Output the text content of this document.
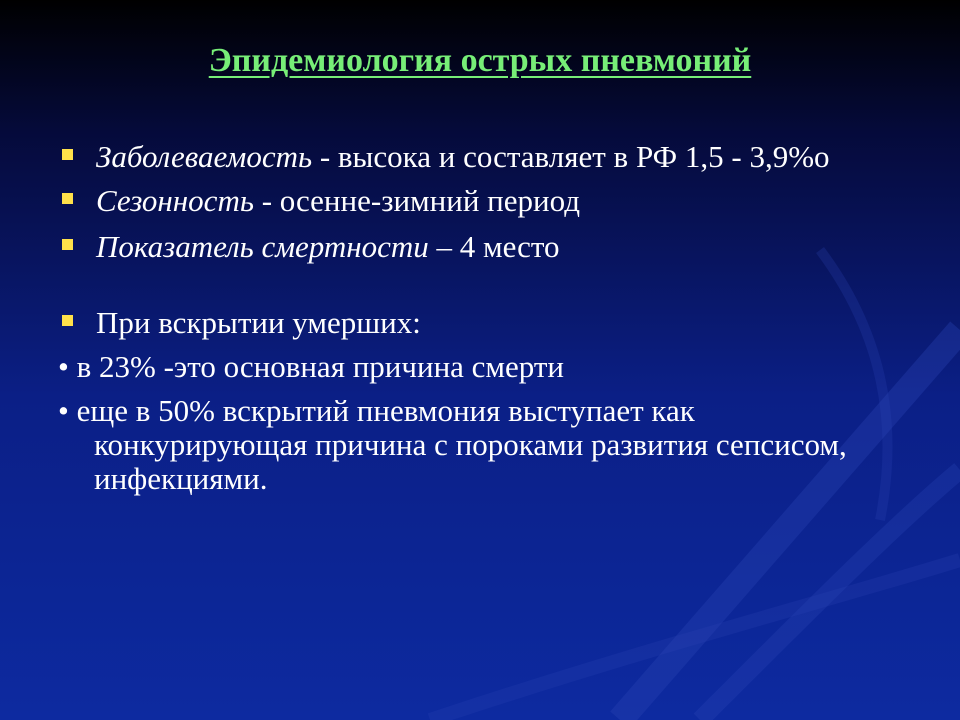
Эпидемиология острых пневмоний
Заболеваемость - высока и составляет в РФ 1,5 - 3,9%о
Сезонность - осенне-зимний период
Показатель смертности – 4 место
При вскрытии умерших:
• в 23% -это основная причина смерти
• еще в 50% вскрытий пневмония выступает как конкурирующая причина с пороками развития сепсисом, инфекциями.
